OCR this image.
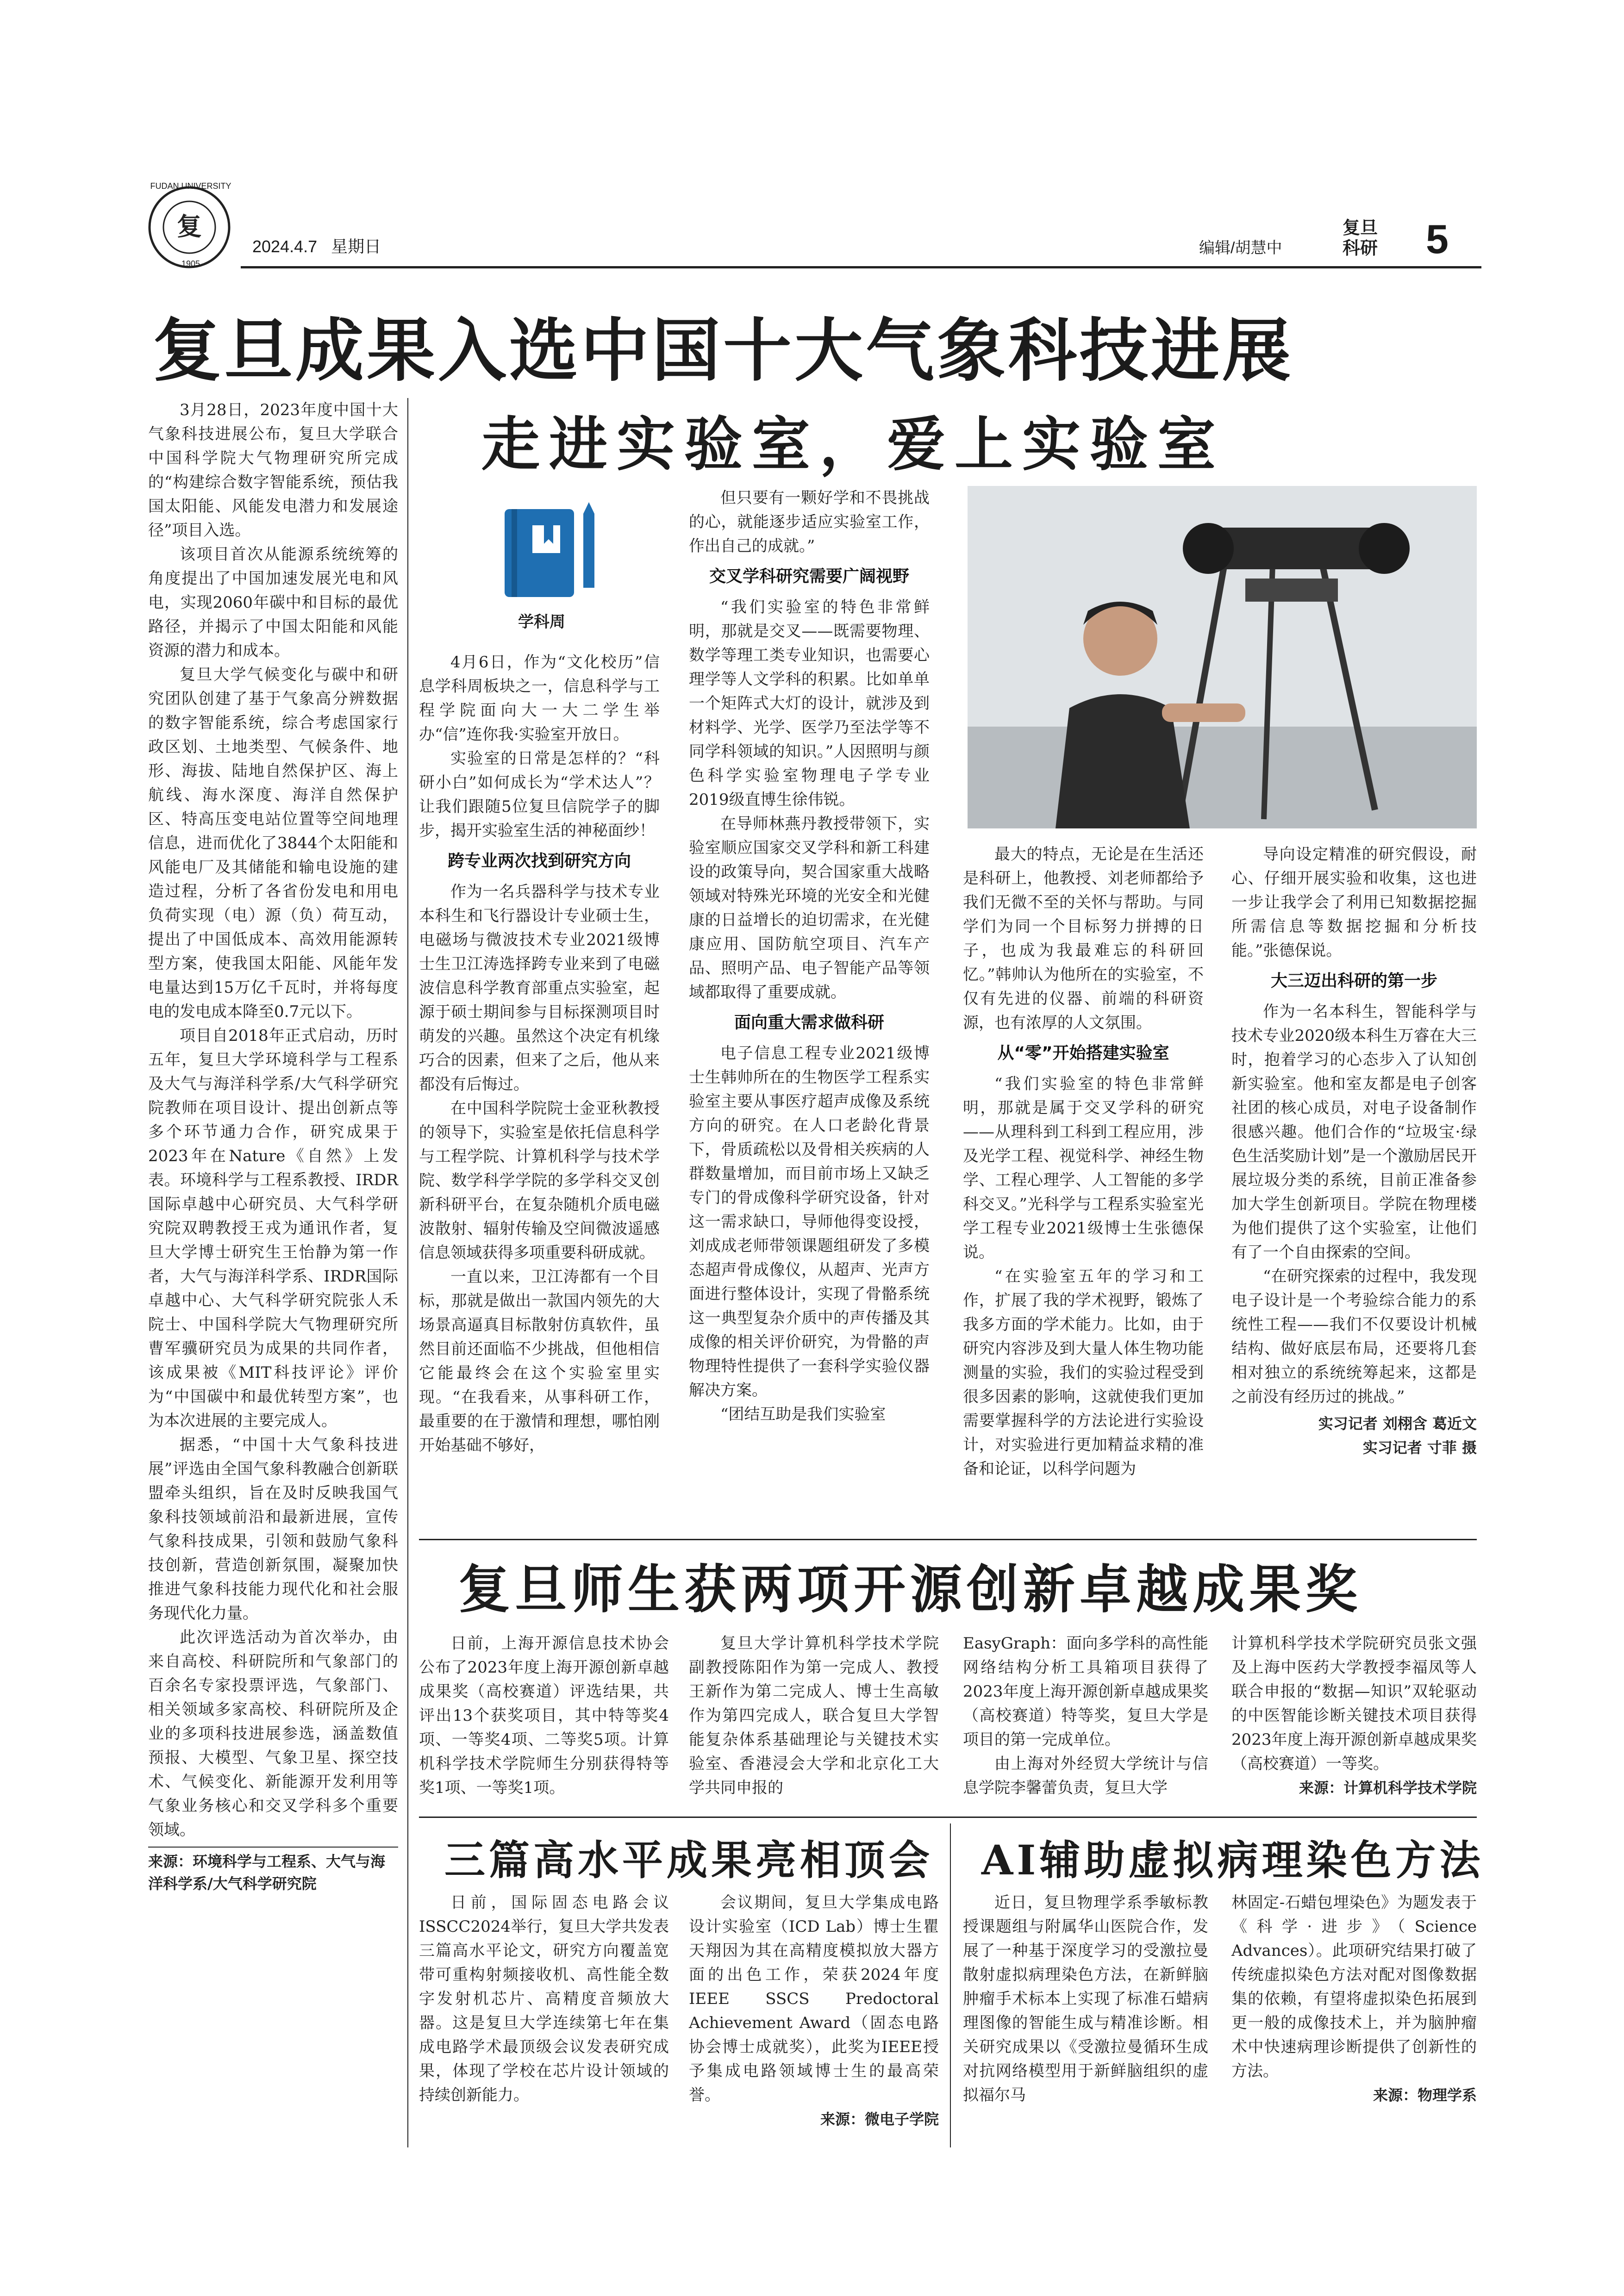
复
FUDAN UNIVERSITY
1905
2024.4.7 星期日	编辑/胡慧中
复旦科研 5
复旦成果入选中国十大气象科技进展

3月28日，2023年度中国十大气象科技进展公布，复旦大学联合中国科学院大气物理研究所完成的“构建综合数字智能系统，预估我国太阳能、风能发电潜力和发展途径”项目入选。

该项目首次从能源系统统筹的角度提出了中国加速发展光电和风电，实现2060年碳中和目标的最优路径，并揭示了中国太阳能和风能资源的潜力和成本。

复旦大学气候变化与碳中和研究团队创建了基于气象高分辨数据的数字智能系统，综合考虑国家行政区划、土地类型、气候条件、地形、海拔、陆地自然保护区、海上航线、海水深度、海洋自然保护区、特高压变电站位置等空间地理信息，进而优化了3844个太阳能和风能电厂及其储能和输电设施的建造过程，分析了各省份发电和用电负荷实现（电）源（负）荷互动，提出了中国低成本、高效用能源转型方案，使我国太阳能、风能年发电量达到15万亿千瓦时，并将每度电的发电成本降至0.7元以下。

项目自2018年正式启动，历时五年，复旦大学环境科学与工程系及大气与海洋科学系/大气科学研究院教师在项目设计、提出创新点等多个环节通力合作，研究成果于2023年在Nature《自然》上发表。环境科学与工程系教授、IRDR国际卓越中心研究员、大气科学研究院双聘教授王戎为通讯作者，复旦大学博士研究生王怡静为第一作者，大气与海洋科学系、IRDR国际卓越中心、大气科学研究院张人禾院士、中国科学院大气物理研究所曹军骥研究员为成果的共同作者，该成果被《MIT科技评论》评价为“中国碳中和最优转型方案”，也为本次进展的主要完成人。

据悉，“中国十大气象科技进展”评选由全国气象科教融合创新联盟牵头组织，旨在及时反映我国气象科技领域前沿和最新进展，宣传气象科技成果，引领和鼓励气象科技创新，营造创新氛围，凝聚加快推进气象科技能力现代化和社会服务现代化力量。

此次评选活动为首次举办，由来自高校、科研院所和气象部门的百余名专家投票评选，气象部门、相关领域多家高校、科研院所及企业的多项科技进展参选，涵盖数值预报、大模型、气象卫星、探空技术、气候变化、新能源开发利用等气象业务核心和交叉学科多个重要领域。

来源：环境科学与工程系、大气与海洋科学系/大气科学研究院
走进实验室，爱上实验室
学科周

4月6日，作为“文化校历”信息学科周板块之一，信息科学与工程学院面向大一大二学生举办“信”连你我·实验室开放日。

实验室的日常是怎样的？“科研小白”如何成长为“学术达人”？让我们跟随5位复旦信院学子的脚步，揭开实验室生活的神秘面纱！

跨专业两次找到研究方向

作为一名兵器科学与技术专业本科生和飞行器设计专业硕士生，电磁场与微波技术专业2021级博士生卫江涛选择跨专业来到了电磁波信息科学教育部重点实验室，起源于硕士期间参与目标探测项目时萌发的兴趣。虽然这个决定有机缘巧合的因素，但来了之后，他从来都没有后悔过。

在中国科学院院士金亚秋教授的领导下，实验室是依托信息科学与工程学院、计算机科学与技术学院、数学科学学院的多学科交叉创新科研平台，在复杂随机介质电磁波散射、辐射传输及空间微波遥感信息领域获得多项重要科研成就。

一直以来，卫江涛都有一个目标，那就是做出一款国内领先的大场景高逼真目标散射仿真软件，虽然目前还面临不少挑战，但他相信它能最终会在这个实验室里实现。“在我看来，从事科研工作，最重要的在于激情和理想，哪怕刚开始基础不够好，

但只要有一颗好学和不畏挑战的心，就能逐步适应实验室工作，作出自己的成就。”

交叉学科研究需要广阔视野

“我们实验室的特色非常鲜明，那就是交叉——既需要物理、数学等理工类专业知识，也需要心理学等人文学科的积累。比如单单一个矩阵式大灯的设计，就涉及到材料学、光学、医学乃至法学等不同学科领域的知识。”人因照明与颜色科学实验室物理电子学专业2019级直博生徐伟锐。

在导师林燕丹教授带领下，实验室顺应国家交叉学科和新工科建设的政策导向，契合国家重大战略领域对特殊光环境的光安全和光健康的日益增长的迫切需求，在光健康应用、国防航空项目、汽车产品、照明产品、电子智能产品等领域都取得了重要成就。

面向重大需求做科研

电子信息工程专业2021级博士生韩帅所在的生物医学工程系实验室主要从事医疗超声成像及系统方向的研究。在人口老龄化背景下，骨质疏松以及骨相关疾病的人群数量增加，而目前市场上又缺乏专门的骨成像科学研究设备，针对这一需求缺口，导师他得变设授，刘成成老师带领课题组研发了多模态超声骨成像仪，从超声、光声方面进行整体设计，实现了骨骼系统这一典型复杂介质中的声传播及其成像的相关评价研究，为骨骼的声物理特性提供了一套科学实验仪器解决方案。

“团结互助是我们实验室

最大的特点，无论是在生活还是科研上，他教授、刘老师都给予我们无微不至的关怀与帮助。与同学们为同一个目标努力拼搏的日子，也成为我最难忘的科研回忆。”韩帅认为他所在的实验室，不仅有先进的仪器、前端的科研资源，也有浓厚的人文氛围。

从“零”开始搭建实验室

“我们实验室的特色非常鲜明，那就是属于交叉学科的研究——从理科到工科到工程应用，涉及光学工程、视觉科学、神经生物学、工程心理学、人工智能的多学科交叉。”光科学与工程系实验室光学工程专业2021级博士生张德保说。

“在实验室五年的学习和工作，扩展了我的学术视野，锻炼了我多方面的学术能力。比如，由于研究内容涉及到大量人体生物功能测量的实验，我们的实验过程受到很多因素的影响，这就使我们更加需要掌握科学的方法论进行实验设计，对实验进行更加精益求精的准备和论证，以科学问题为

导向设定精准的研究假设，耐心、仔细开展实验和收集，这也进一步让我学会了利用已知数据挖掘所需信息等数据挖掘和分析技能。”张德保说。

大三迈出科研的第一步

作为一名本科生，智能科学与技术专业2020级本科生万睿在大三时，抱着学习的心态步入了认知创新实验室。他和室友都是电子创客社团的核心成员，对电子设备制作很感兴趣。他们合作的“垃圾宝·绿色生活奖励计划”是一个激励居民开展垃圾分类的系统，目前正准备参加大学生创新项目。学院在物理楼为他们提供了这个实验室，让他们有了一个自由探索的空间。

“在研究探索的过程中，我发现电子设计是一个考验综合能力的系统性工程——我们不仅要设计机械结构、做好底层布局，还要将几套相对独立的系统统筹起来，这都是之前没有经历过的挑战。”

实习记者 刘栩含 葛近文
实习记者 寸菲 摄
复旦师生获两项开源创新卓越成果奖

日前，上海开源信息技术协会公布了2023年度上海开源创新卓越成果奖（高校赛道）评选结果，共评出13个获奖项目，其中特等奖4项、一等奖4项、二等奖5项。计算机科学技术学院师生分别获得特等奖1项、一等奖1项。

复旦大学计算机科学技术学院副教授陈阳作为第一完成人、教授王新作为第二完成人、博士生高敏作为第四完成人，联合复旦大学智能复杂体系基础理论与关键技术实验室、香港浸会大学和北京化工大学共同申报的

EasyGraph：面向多学科的高性能网络结构分析工具箱项目获得了2023年度上海开源创新卓越成果奖（高校赛道）特等奖，复旦大学是项目的第一完成单位。

由上海对外经贸大学统计与信息学院李馨蕾负责，复旦大学

计算机科学技术学院研究员张文强及上海中医药大学教授李福凤等人联合申报的“数据—知识”双轮驱动的中医智能诊断关键技术项目获得2023年度上海开源创新卓越成果奖（高校赛道）一等奖。

来源：计算机科学技术学院
三篇高水平成果亮相顶会

日前，国际固态电路会议ISSCC2024举行，复旦大学共发表三篇高水平论文，研究方向覆盖宽带可重构射频接收机、高性能全数字发射机芯片、高精度音频放大器。这是复旦大学连续第七年在集成电路学术最顶级会议发表研究成果，体现了学校在芯片设计领域的持续创新能力。

会议期间，复旦大学集成电路设计实验室（ICD Lab）博士生瞿天翔因为其在高精度模拟放大器方面的出色工作，荣获2024年度IEEE SSCS Predoctoral Achievement Award（固态电路协会博士成就奖），此奖为IEEE授予集成电路领域博士生的最高荣誉。

来源：微电子学院
AI辅助虚拟病理染色方法

近日，复旦物理学系季敏标教授课题组与附属华山医院合作，发展了一种基于深度学习的受激拉曼散射虚拟病理染色方法，在新鲜脑肿瘤手术标本上实现了标准石蜡病理图像的智能生成与精准诊断。相关研究成果以《受激拉曼循环生成对抗网络模型用于新鲜脑组织的虚拟福尔马

林固定-石蜡包埋染色》为题发表于《科学·进步》（Science Advances）。此项研究结果打破了传统虚拟染色方法对配对图像数据集的依赖，有望将虚拟染色拓展到更一般的成像技术上，并为脑肿瘤术中快速病理诊断提供了创新性的方法。

来源：物理学系
